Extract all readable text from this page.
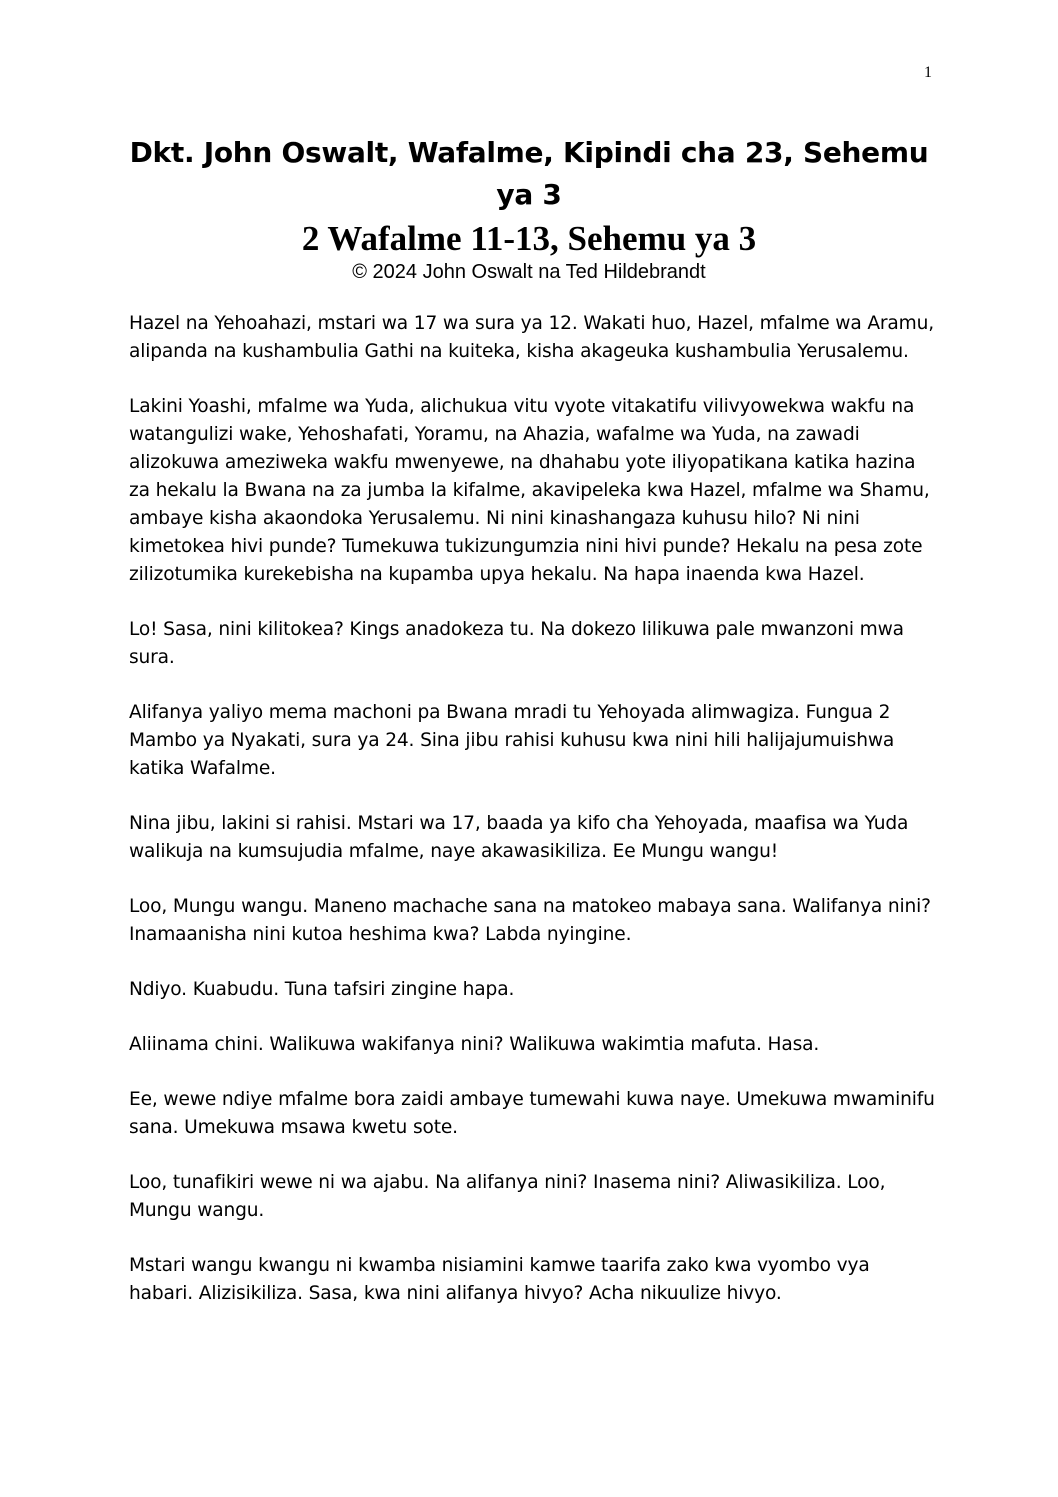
1
Dkt. John Oswalt, Wafalme, Kipindi cha 23, Sehemu ya 3
2 Wafalme 11-13, Sehemu ya 3

© 2024 John Oswalt na Ted Hildebrandt

Hazel na Yehoahazi, mstari wa 17 wa sura ya 12. Wakati huo, Hazel, mfalme wa Aramu, alipanda na kushambulia Gathi na kuiteka, kisha akageuka kushambulia Yerusalemu.

Lakini Yoashi, mfalme wa Yuda, alichukua vitu vyote vitakatifu vilivyowekwa wakfu na watangulizi wake, Yehoshafati, Yoramu, na Ahazia, wafalme wa Yuda, na zawadi alizokuwa ameziweka wakfu mwenyewe, na dhahabu yote iliyopatikana katika hazina za hekalu la Bwana na za jumba la kifalme, akavipeleka kwa Hazel, mfalme wa Shamu, ambaye kisha akaondoka Yerusalemu. Ni nini kinashangaza kuhusu hilo? Ni nini kimetokea hivi punde? Tumekuwa tukizungumzia nini hivi punde? Hekalu na pesa zote zilizotumika kurekebisha na kupamba upya hekalu. Na hapa inaenda kwa Hazel.

Lo! Sasa, nini kilitokea? Kings anadokeza tu. Na dokezo lilikuwa pale mwanzoni mwa sura.

Alifanya yaliyo mema machoni pa Bwana mradi tu Yehoyada alimwagiza. Fungua 2 Mambo ya Nyakati, sura ya 24. Sina jibu rahisi kuhusu kwa nini hili halijajumuishwa katika Wafalme.

Nina jibu, lakini si rahisi. Mstari wa 17, baada ya kifo cha Yehoyada, maafisa wa Yuda walikuja na kumsujudia mfalme, naye akawasikiliza. Ee Mungu wangu!

Loo, Mungu wangu. Maneno machache sana na matokeo mabaya sana. Walifanya nini? Inamaanisha nini kutoa heshima kwa? Labda nyingine.

Ndiyo. Kuabudu. Tuna tafsiri zingine hapa.

Aliinama chini. Walikuwa wakifanya nini? Walikuwa wakimtia mafuta. Hasa.

Ee, wewe ndiye mfalme bora zaidi ambaye tumewahi kuwa naye. Umekuwa mwaminifu sana. Umekuwa msawa kwetu sote.

Loo, tunafikiri wewe ni wa ajabu. Na alifanya nini? Inasema nini? Aliwasikiliza. Loo, Mungu wangu.

Mstari wangu kwangu ni kwamba nisiamini kamwe taarifa zako kwa vyombo vya habari. Alizisikiliza. Sasa, kwa nini alifanya hivyo? Acha nikuulize hivyo.
